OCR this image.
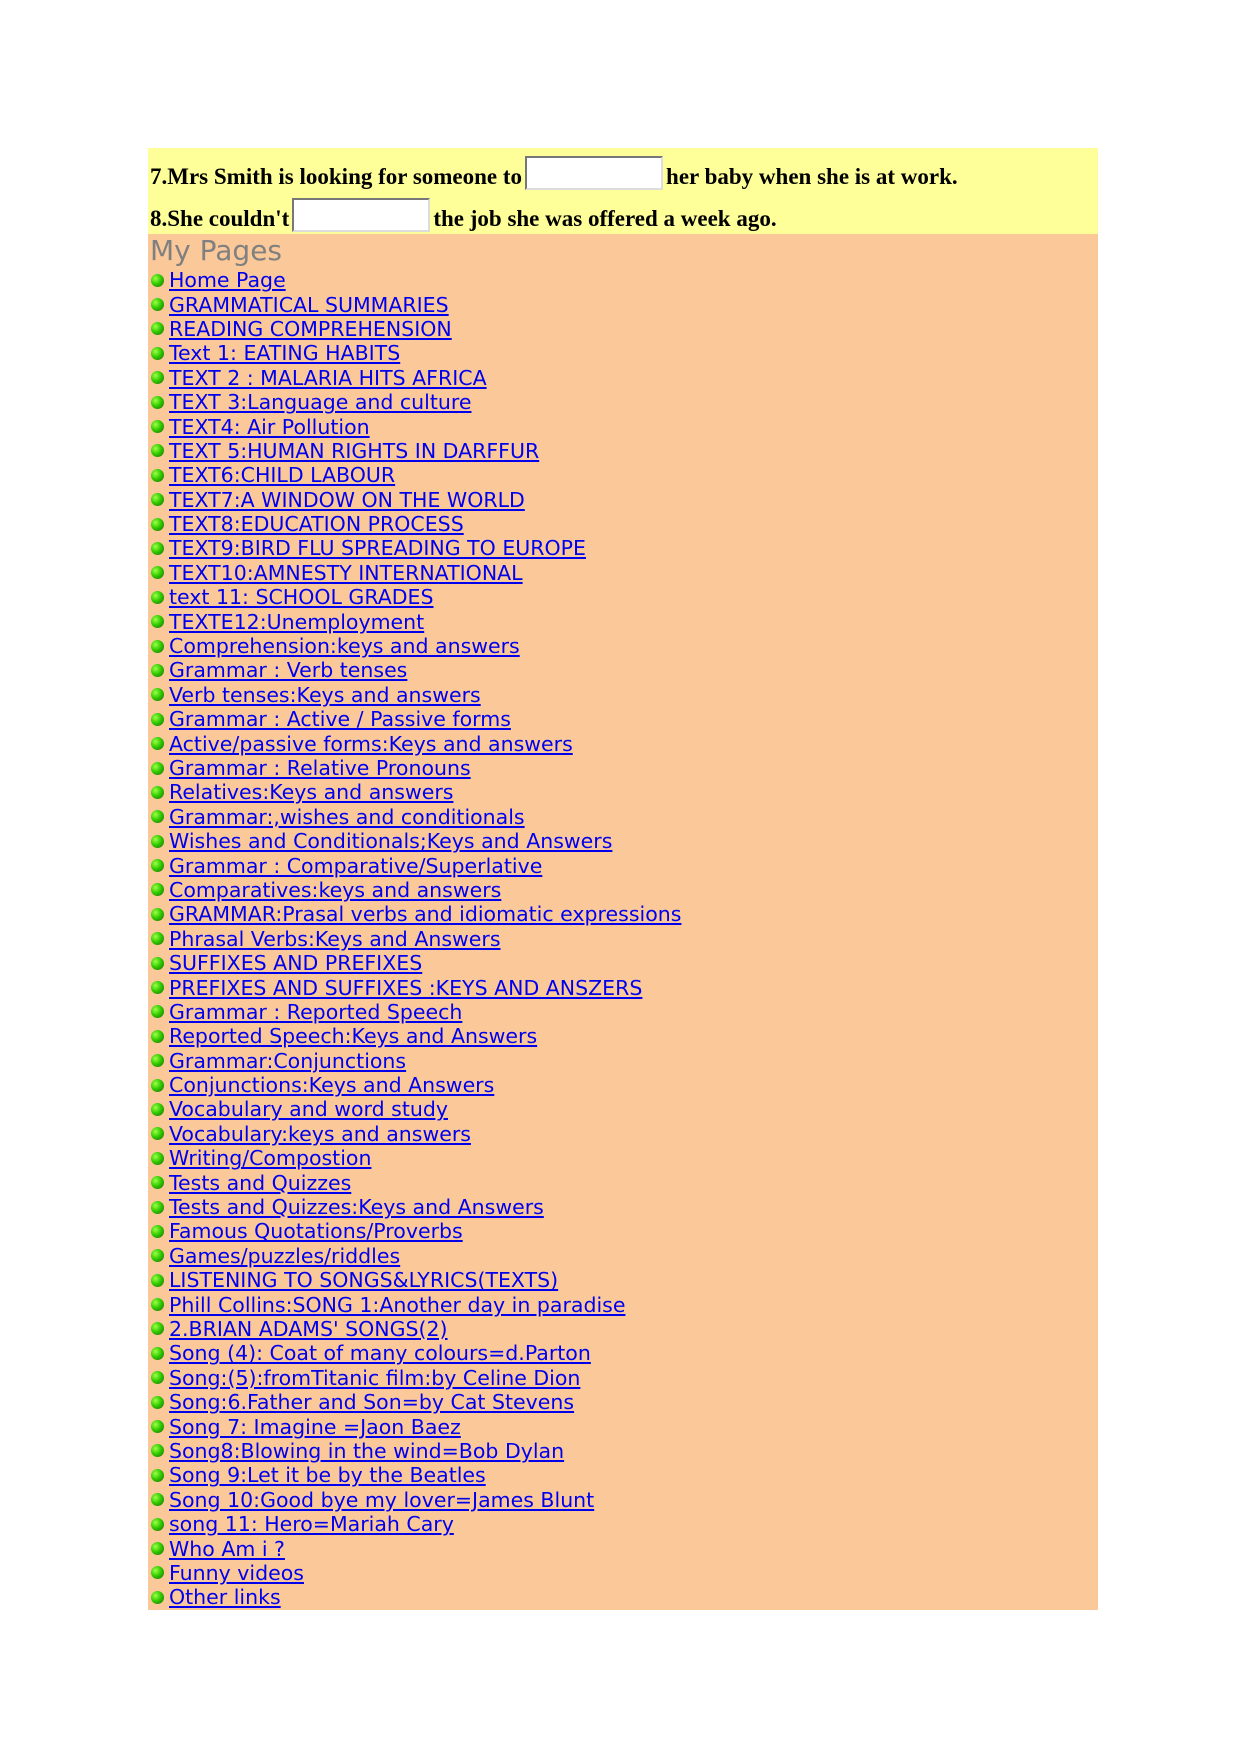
7.Mrs Smith is looking for someone to	her baby when she is at work.
8.She couldn't	the job she was offered a week ago.
My Pages
Home Page
GRAMMATICAL SUMMARIES
READING COMPREHENSION
Text 1: EATING HABITS
TEXT 2 : MALARIA HITS AFRICA
TEXT 3:Language and culture
TEXT4: Air Pollution
TEXT 5:HUMAN RIGHTS IN DARFFUR
TEXT6:CHILD LABOUR
TEXT7:A WINDOW ON THE WORLD
TEXT8:EDUCATION PROCESS
TEXT9:BIRD FLU SPREADING TO EUROPE
TEXT10:AMNESTY INTERNATIONAL
text 11: SCHOOL GRADES
TEXTE12:Unemployment
Comprehension:keys and answers
Grammar : Verb tenses
Verb tenses:Keys and answers
Grammar : Active / Passive forms
Active/passive forms:Keys and answers
Grammar : Relative Pronouns
Relatives:Keys and answers
Grammar:,wishes and conditionals
Wishes and Conditionals;Keys and Answers
Grammar : Comparative/Superlative
Comparatives:keys and answers
GRAMMAR:Prasal verbs and idiomatic expressions
Phrasal Verbs:Keys and Answers
SUFFIXES AND PREFIXES
PREFIXES AND SUFFIXES :KEYS AND ANSZERS
Grammar : Reported Speech
Reported Speech:Keys and Answers
Grammar:Conjunctions
Conjunctions:Keys and Answers
Vocabulary and word study
Vocabulary:keys and answers
Writing/Compostion
Tests and Quizzes
Tests and Quizzes:Keys and Answers
Famous Quotations/Proverbs
Games/puzzles/riddles
LISTENING TO SONGS&LYRICS(TEXTS)
Phill Collins:SONG 1:Another day in paradise
2.BRIAN ADAMS' SONGS(2)
Song (4): Coat of many colours=d.Parton
Song:(5):fromTitanic film:by Celine Dion
Song:6.Father and Son=by Cat Stevens
Song 7: Imagine =Jaon Baez
Song8:Blowing in the wind=Bob Dylan
Song 9:Let it be by the Beatles
Song 10:Good bye my lover=James Blunt
song 11: Hero=Mariah Cary
Who Am i ?
Funny videos
Other links
